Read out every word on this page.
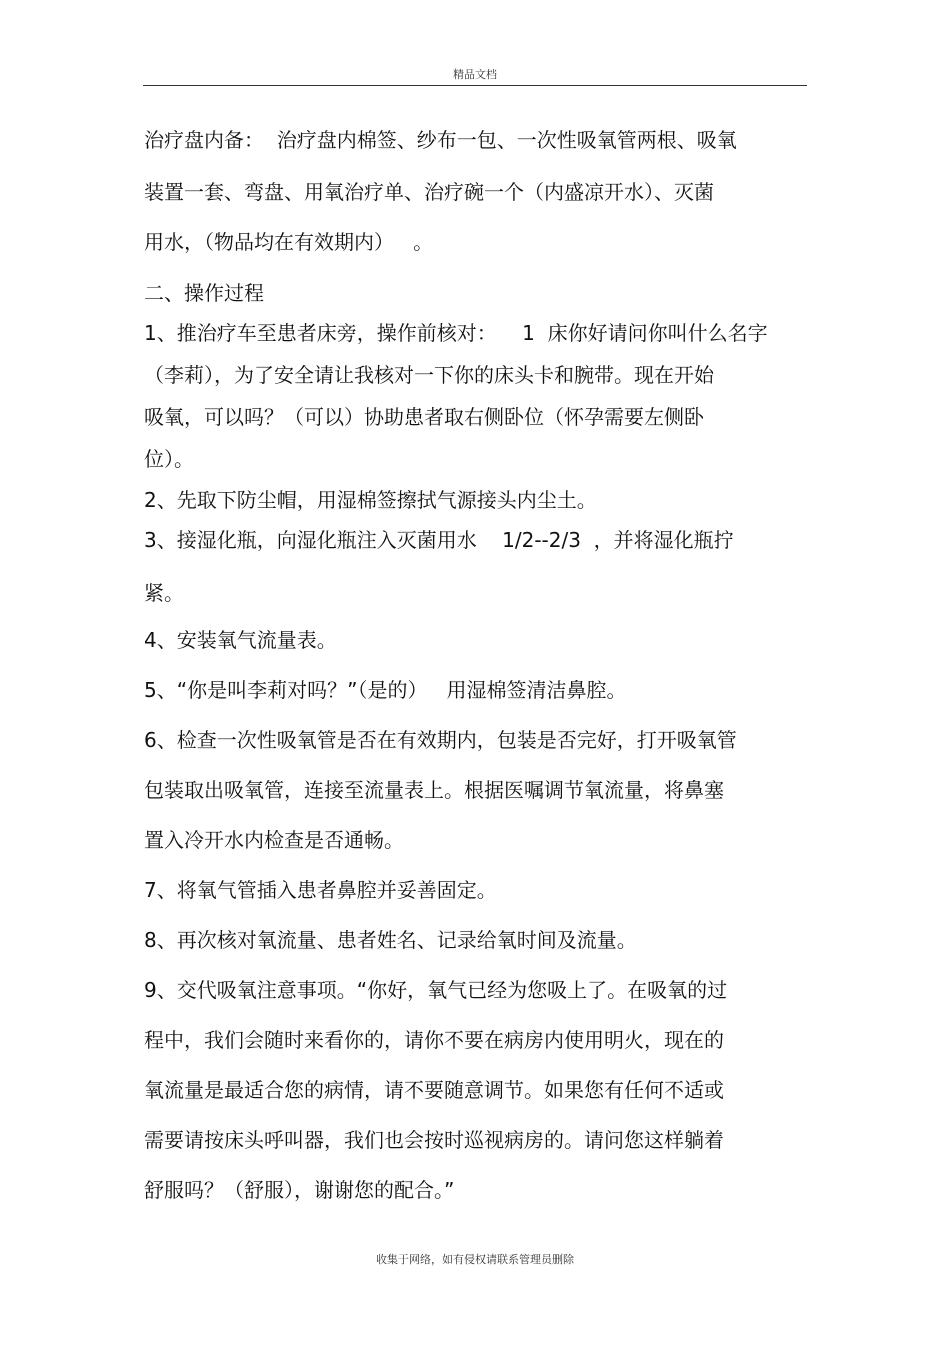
精品文档
治疗盘内备：  治疗盘内棉签、纱布一包、一次性吸氧管两根、吸氧
装置一套、弯盘、用氧治疗单、治疗碗一个（内盛凉开水）、灭菌
用水，（物品均在有效期内）   。
二、操作过程
1、推治疗车至患者床旁，操作前核对：    1  床你好请问你叫什么名字
（李莉），为了安全请让我核对一下你的床头卡和腕带。现在开始
吸氧，可以吗？（可以）协助患者取右侧卧位（怀孕需要左侧卧
位）。
2、先取下防尘帽，用湿棉签擦拭气源接头内尘土。
3、接湿化瓶，向湿化瓶注入灭菌用水    1/2--2/3  ，并将湿化瓶拧
紧。
4、安装氧气流量表。
5、“你是叫李莉对吗？”（是的）   用湿棉签清洁鼻腔。
6、检查一次性吸氧管是否在有效期内，包装是否完好，打开吸氧管
包装取出吸氧管，连接至流量表上。根据医嘱调节氧流量，将鼻塞
置入冷开水内检查是否通畅。
7、将氧气管插入患者鼻腔并妥善固定。
8、再次核对氧流量、患者姓名、记录给氧时间及流量。
9、交代吸氧注意事项。“你好，氧气已经为您吸上了。在吸氧的过
程中，我们会随时来看你的，请你不要在病房内使用明火，现在的
氧流量是最适合您的病情，请不要随意调节。如果您有任何不适或
需要请按床头呼叫器，我们也会按时巡视病房的。请问您这样躺着
舒服吗？（舒服），谢谢您的配合。”
收集于网络，如有侵权请联系管理员删除
